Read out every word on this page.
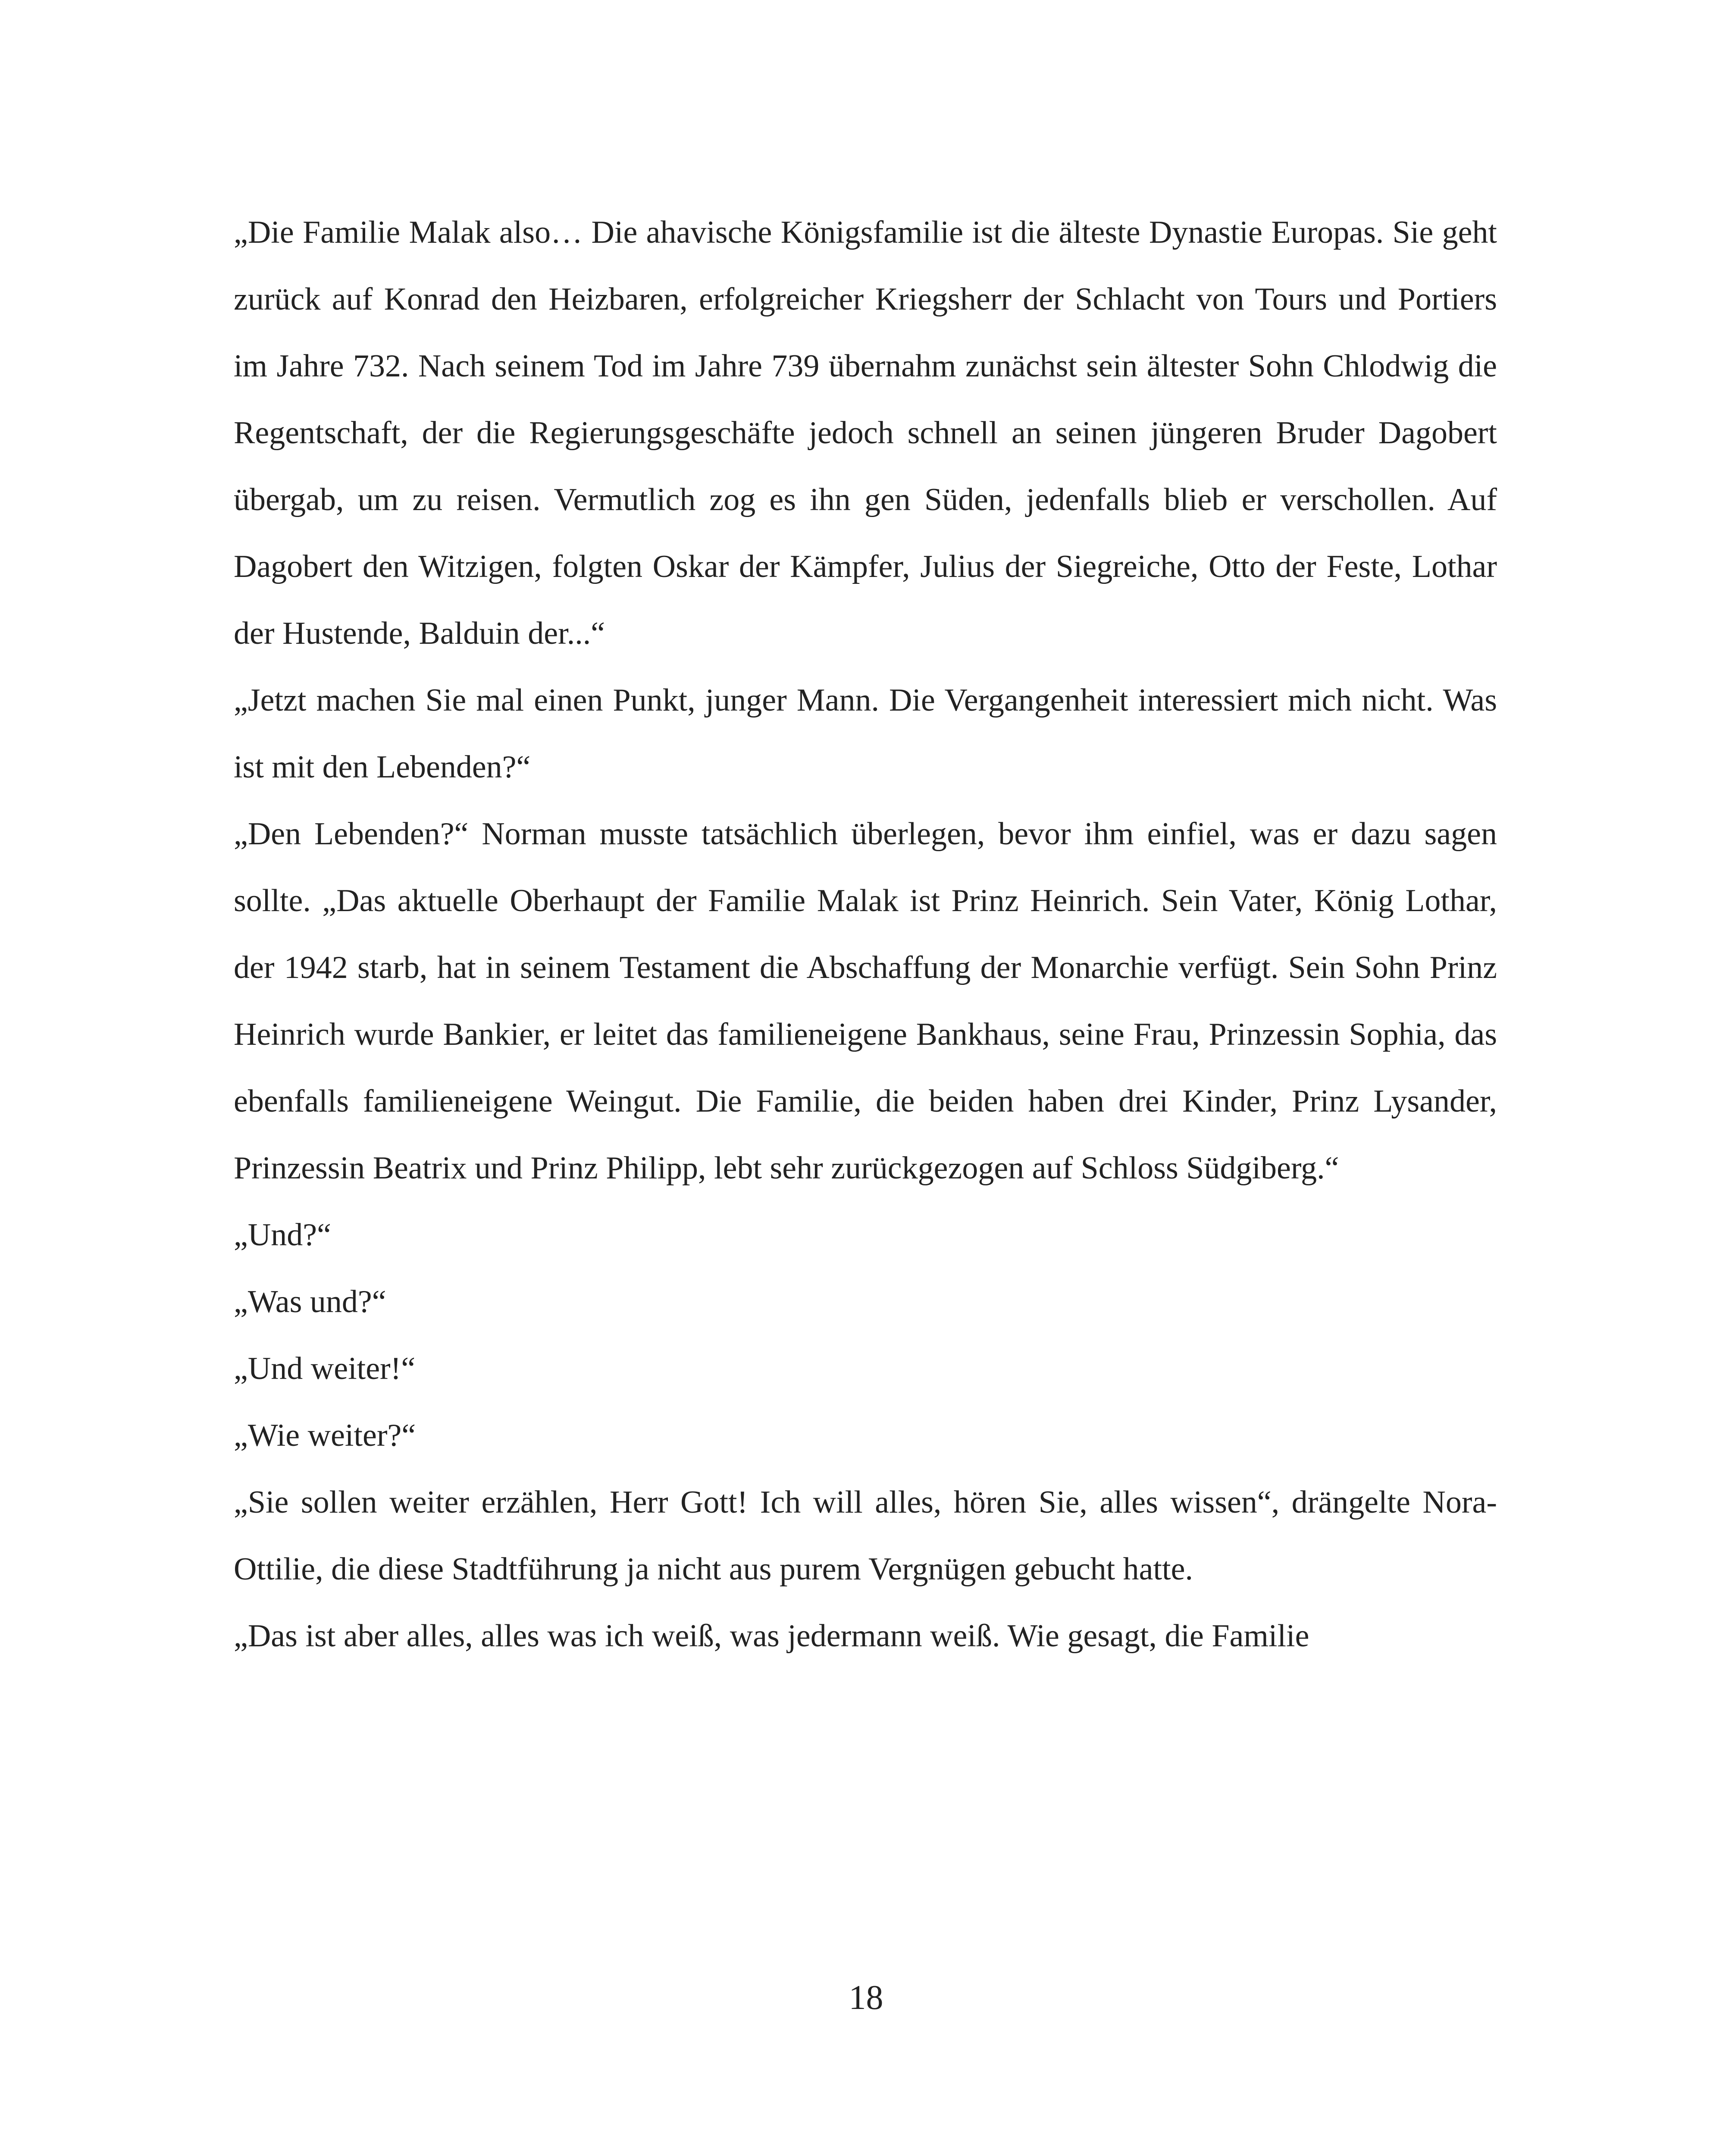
„Die Familie Malak also… Die ahavische Königsfamilie ist die älteste Dynastie Europas. Sie geht zurück auf Konrad den Heizbaren, erfolgreicher Kriegsherr der Schlacht von Tours und Portiers im Jahre 732. Nach seinem Tod im Jahre 739 übernahm zunächst sein ältester Sohn Chlodwig die Regentschaft, der die Regierungsgeschäfte jedoch schnell an seinen jüngeren Bruder Dagobert übergab, um zu reisen. Vermutlich zog es ihn gen Süden, jedenfalls blieb er verschollen. Auf Dagobert den Witzigen, folgten Oskar der Kämpfer, Julius der Siegreiche, Otto der Feste, Lothar der Hustende, Balduin der...“

„Jetzt machen Sie mal einen Punkt, junger Mann. Die Vergangenheit interessiert mich nicht. Was ist mit den Lebenden?“

„Den Lebenden?“ Norman musste tatsächlich überlegen, bevor ihm einfiel, was er dazu sagen sollte. „Das aktuelle Oberhaupt der Familie Malak ist Prinz Heinrich. Sein Vater, König Lothar, der 1942 starb, hat in seinem Testament die Abschaffung der Monarchie verfügt. Sein Sohn Prinz Heinrich wurde Bankier, er leitet das familieneigene Bankhaus, seine Frau, Prinzessin Sophia, das ebenfalls familieneigene Weingut. Die Familie, die beiden haben drei Kinder, Prinz Lysander, Prinzessin Beatrix und Prinz Philipp, lebt sehr zurückgezogen auf Schloss Südgiberg.“

„Und?“

„Was und?“

„Und weiter!“

„Wie weiter?“

„Sie sollen weiter erzählen, Herr Gott! Ich will alles, hören Sie, alles wissen“, drängelte Nora-Ottilie, die diese Stadtführung ja nicht aus purem Vergnügen gebucht hatte.

„Das ist aber alles, alles was ich weiß, was jedermann weiß. Wie gesagt, die Familie

18
